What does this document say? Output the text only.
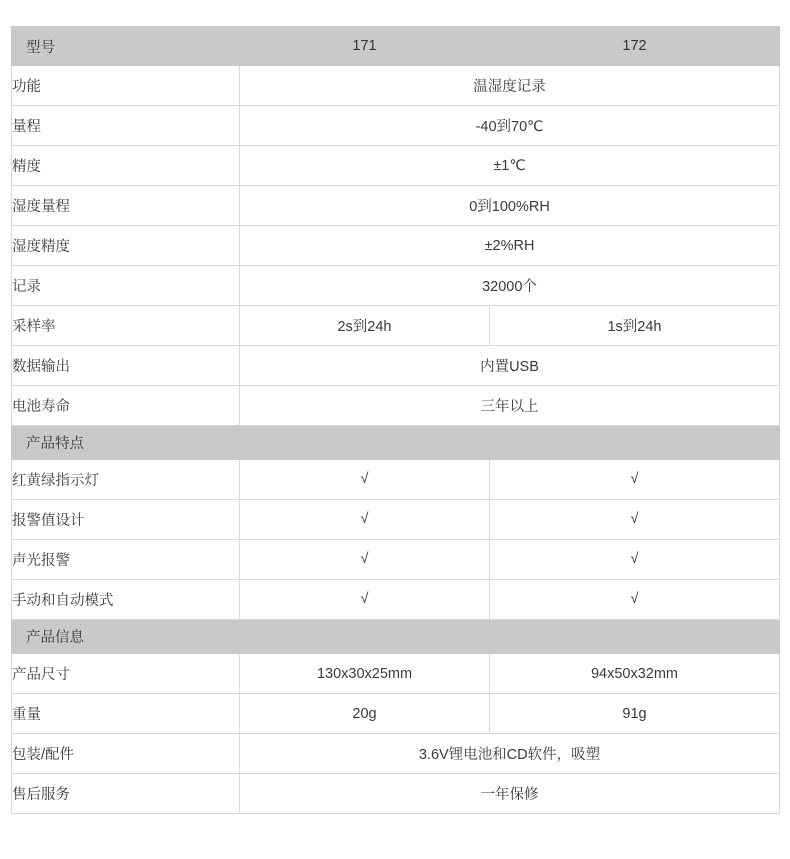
型号	171	172
功能	温湿度记录	
量程	-40到70℃	
精度	±1℃	
湿度量程	0到100%RH	
湿度精度	±2%RH	
记录	32000个	
采样率	2s到24h	1s到24h
数据输出	内置USB	
电池寿命	三年以上	
产品特点		
红黄绿指示灯	√	√
报警值设计	√	√
声光报警	√	√
手动和自动模式	√	√
产品信息		
产品尺寸	130x30x25mm	94x50x32mm
重量	20g	91g
包装/配件	3.6V锂电池和CD软件，吸塑	
售后服务	一年保修	
